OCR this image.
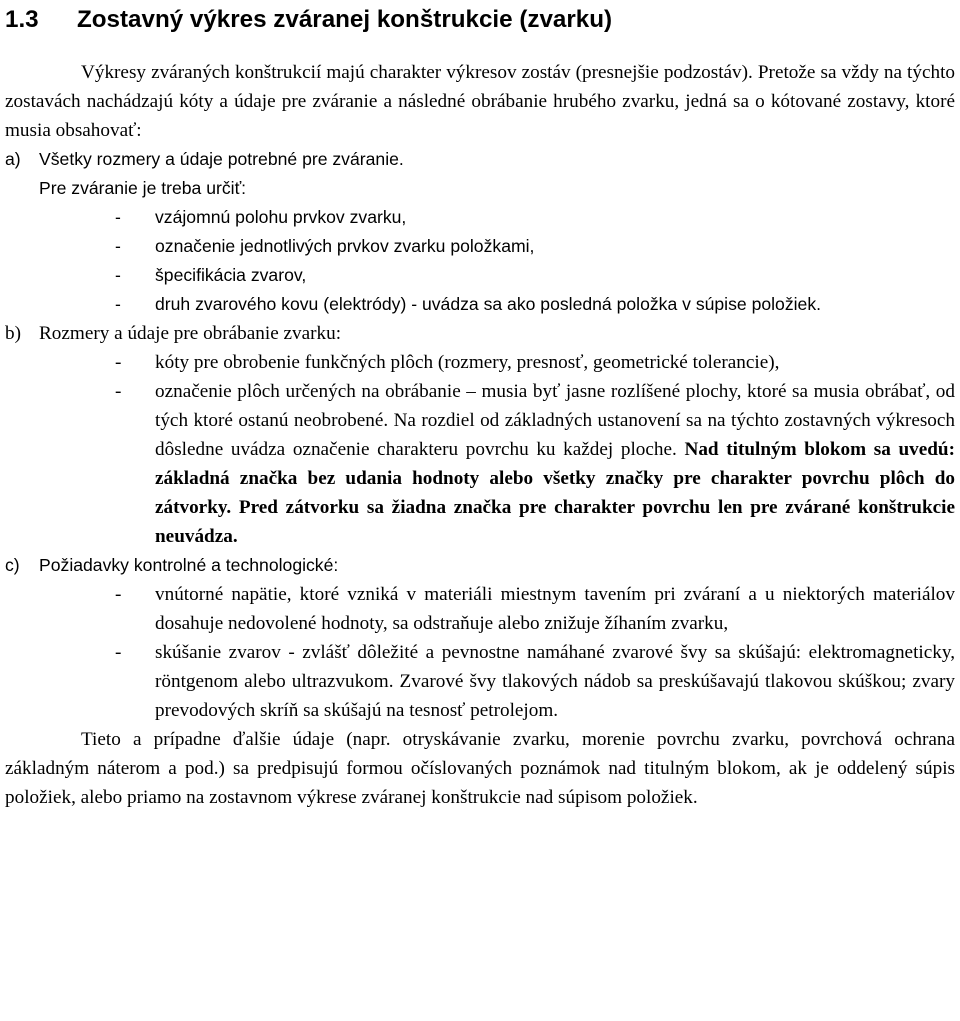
1.3	Zostavný výkres zváranej konštrukcie (zvarku)

Výkresy zváraných konštrukcií majú charakter výkresov zostáv (presnejšie podzostáv). Pretože sa vždy na týchto zostavách nachádzajú kóty a údaje pre zváranie a následné obrábanie hrubého zvarku, jedná sa o kótované zostavy, ktoré musia obsahovať:

a)	Všetky rozmery a údaje potrebné pre zváranie.

Pre zváranie je treba určiť:

-	vzájomnú polohu prvkov zvarku,
-	označenie jednotlivých prvkov zvarku položkami,
-	špecifikácia zvarov,
-	druh zvarového kovu (elektródy) - uvádza sa ako posledná položka v súpise položiek.
b) Rozmery a údaje pre obrábanie zvarku:
-	kóty pre obrobenie funkčných plôch (rozmery, presnosť, geometrické tolerancie),
-	označenie plôch určených na obrábanie – musia byť jasne rozlíšené plochy, ktoré sa musia obrábať, od tých ktoré ostanú neobrobené. Na rozdiel od základných ustanovení sa na týchto zostavných výkresoch dôsledne uvádza označenie charakteru povrchu ku každej ploche. Nad titulným blokom sa uvedú: základná značka bez udania hodnoty alebo všetky značky pre charakter povrchu plôch do zátvorky. Pred zátvorku sa žiadna značka pre charakter povrchu len pre zvárané konštrukcie neuvádza.
c)	Požiadavky kontrolné a technologické:
-	vnútorné napätie, ktoré vzniká v materiáli miestnym tavením pri zváraní a u niektorých materiálov dosahuje nedovolené hodnoty, sa odstraňuje alebo znižuje žíhaním zvarku,
-	skúšanie zvarov - zvlášť dôležité a pevnostne namáhané zvarové švy sa skúšajú: elektromagneticky, röntgenom alebo ultrazvukom. Zvarové švy tlakových nádob sa preskúšavajú tlakovou skúškou; zvary prevodových skríň sa skúšajú na tesnosť petrolejom.

Tieto a prípadne ďalšie údaje (napr. otryskávanie zvarku, morenie povrchu zvarku, povrchová ochrana základným náterom a pod.) sa predpisujú formou očíslovaných poznámok nad titulným blokom, ak je oddelený súpis položiek, alebo priamo na zostavnom výkrese zváranej konštrukcie nad súpisom položiek.
